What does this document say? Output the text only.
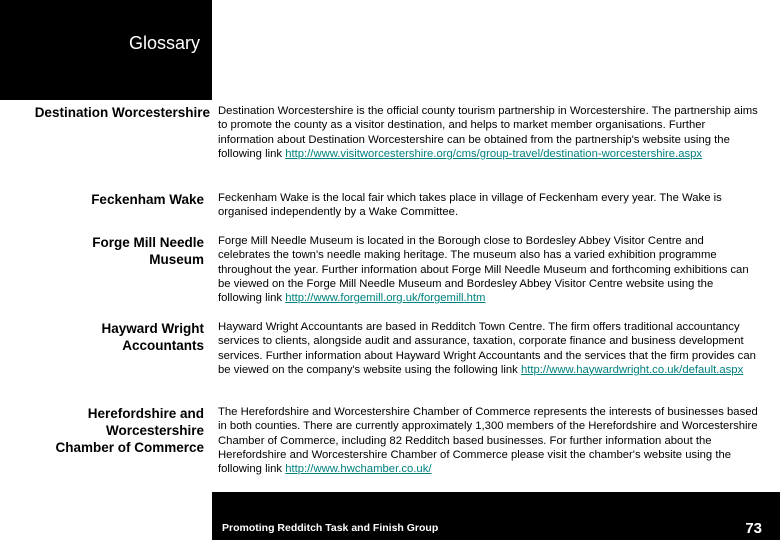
Glossary
Destination Worcestershire Destination Worcestershire is the official county tourism partnership in Worcestershire. The partnership aims to promote the county as a visitor destination, and helps to market member organisations. Further information about Destination Worcestershire can be obtained from the partnership's website using the following link http://www.visitworcestershire.org/cms/group-travel/destination-worcestershire.aspx
Feckenham Wake Feckenham Wake is the local fair which takes place in village of Feckenham every year. The Wake is organised independently by a Wake Committee.
Forge Mill Needle Museum
Forge Mill Needle Museum is located in the Borough close to Bordesley Abbey Visitor Centre and celebrates the town's needle making heritage. The museum also has a varied exhibition programme throughout the year. Further information about Forge Mill Needle Museum and forthcoming exhibitions can be viewed on the Forge Mill Needle Museum and Bordesley Abbey Visitor Centre website using the following link http://www.forgemill.org.uk/forgemill.htm
Hayward Wright Accountants
Hayward Wright Accountants are based in Redditch Town Centre. The firm offers traditional accountancy services to clients, alongside audit and assurance, taxation, corporate finance and business development services. Further information about Hayward Wright Accountants and the services that the firm provides can be viewed on the company's website using the following link http://www.haywardwright.co.uk/default.aspx
Herefordshire and Worcestershire Chamber of Commerce
The Herefordshire and Worcestershire Chamber of Commerce represents the interests of businesses based in both counties. There are currently approximately 1,300 members of the Herefordshire and Worcestershire Chamber of Commerce, including 82 Redditch based businesses. For further information about the Herefordshire and Worcestershire Chamber of Commerce please visit the chamber's website using the following link http://www.hwchamber.co.uk/
Promoting Redditch Task and Finish Group	73
